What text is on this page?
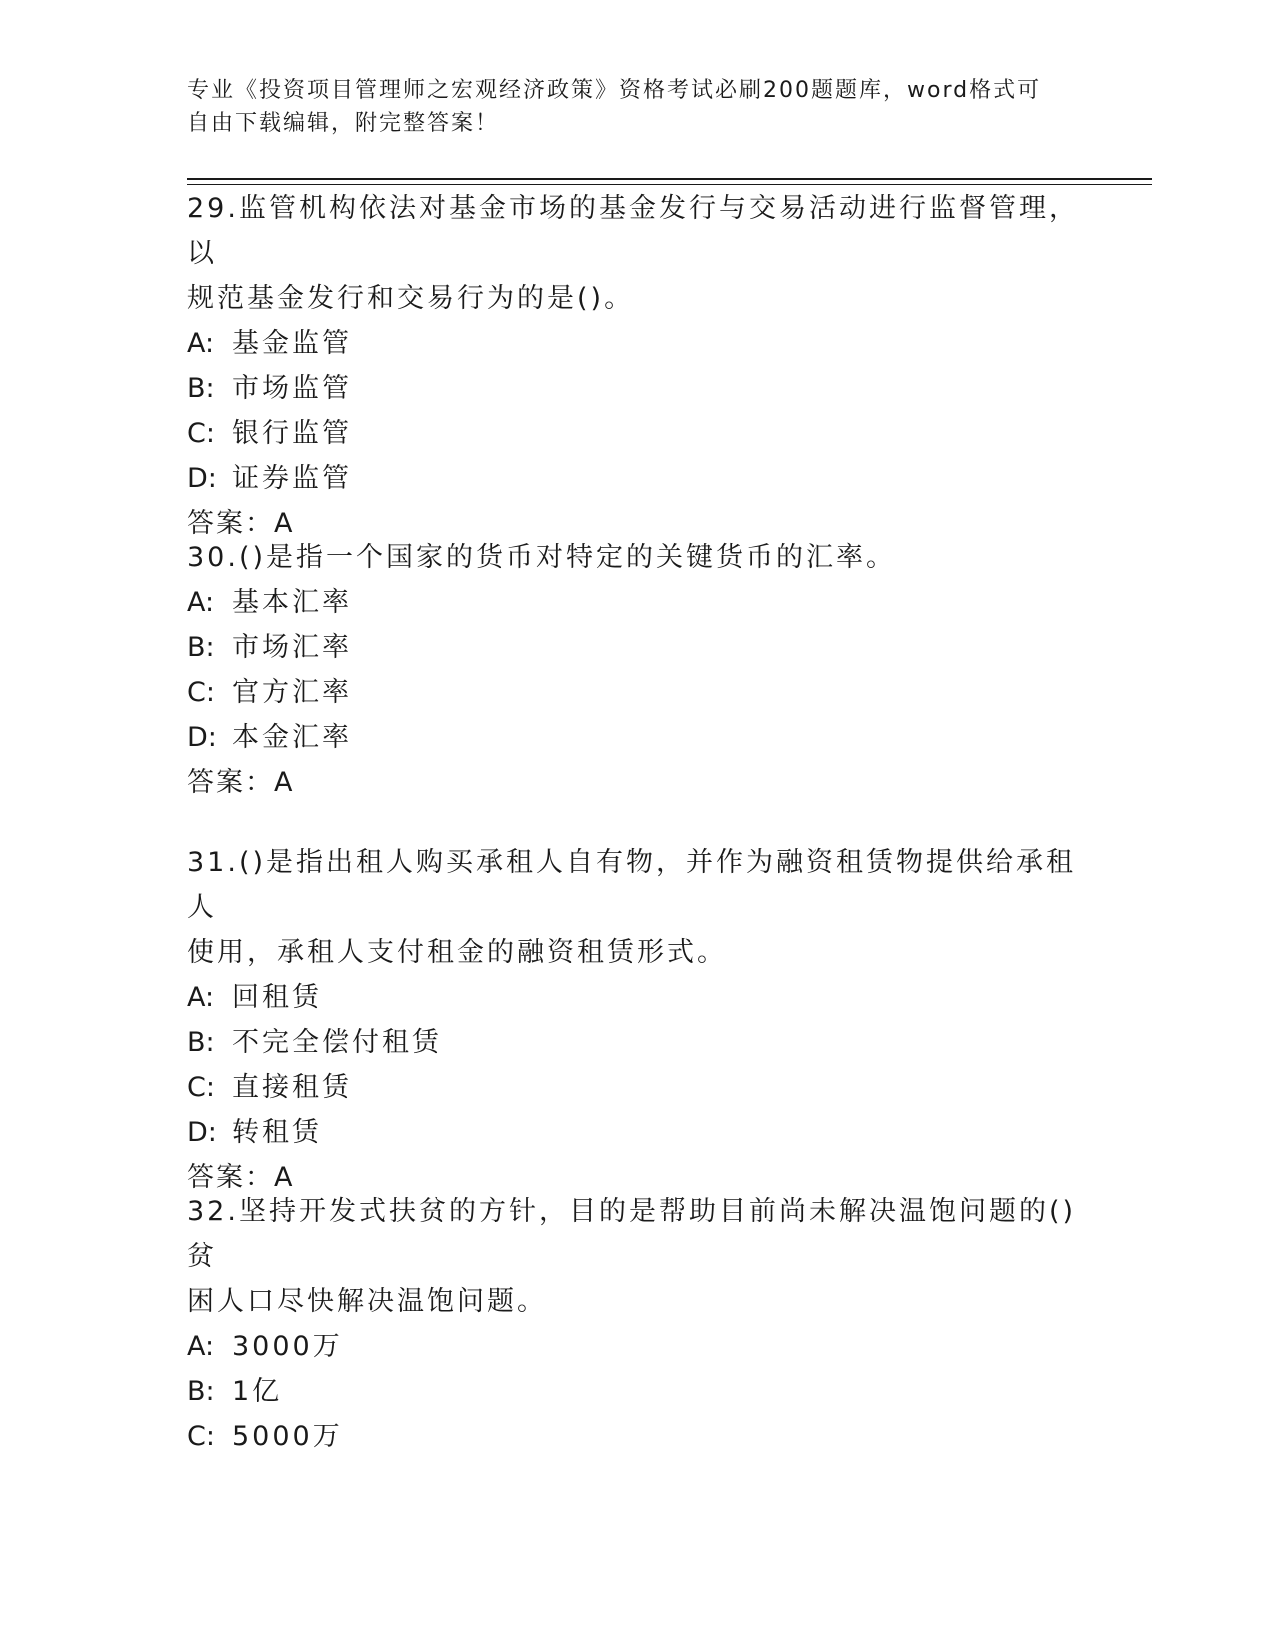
专业《投资项目管理师之宏观经济政策》资格考试必刷200题题库，word格式可
自由下载编辑，附完整答案！

29.监管机构依法对基金市场的基金发行与交易活动进行监督管理，以

规范基金发行和交易行为的是()。

A: 基金监管

B: 市场监管

C: 银行监管

D: 证券监管

答案：A

30.()是指一个国家的货币对特定的关键货币的汇率。

A: 基本汇率

B: 市场汇率

C: 官方汇率

D: 本金汇率

答案：A

31.()是指出租人购买承租人自有物，并作为融资租赁物提供给承租人

使用，承租人支付租金的融资租赁形式。

A: 回租赁

B: 不完全偿付租赁

C: 直接租赁

D: 转租赁

答案：A

32.坚持开发式扶贫的方针，目的是帮助目前尚未解决温饱问题的()贫

困人口尽快解决温饱问题。

A: 3000万

B: 1亿

C: 5000万
